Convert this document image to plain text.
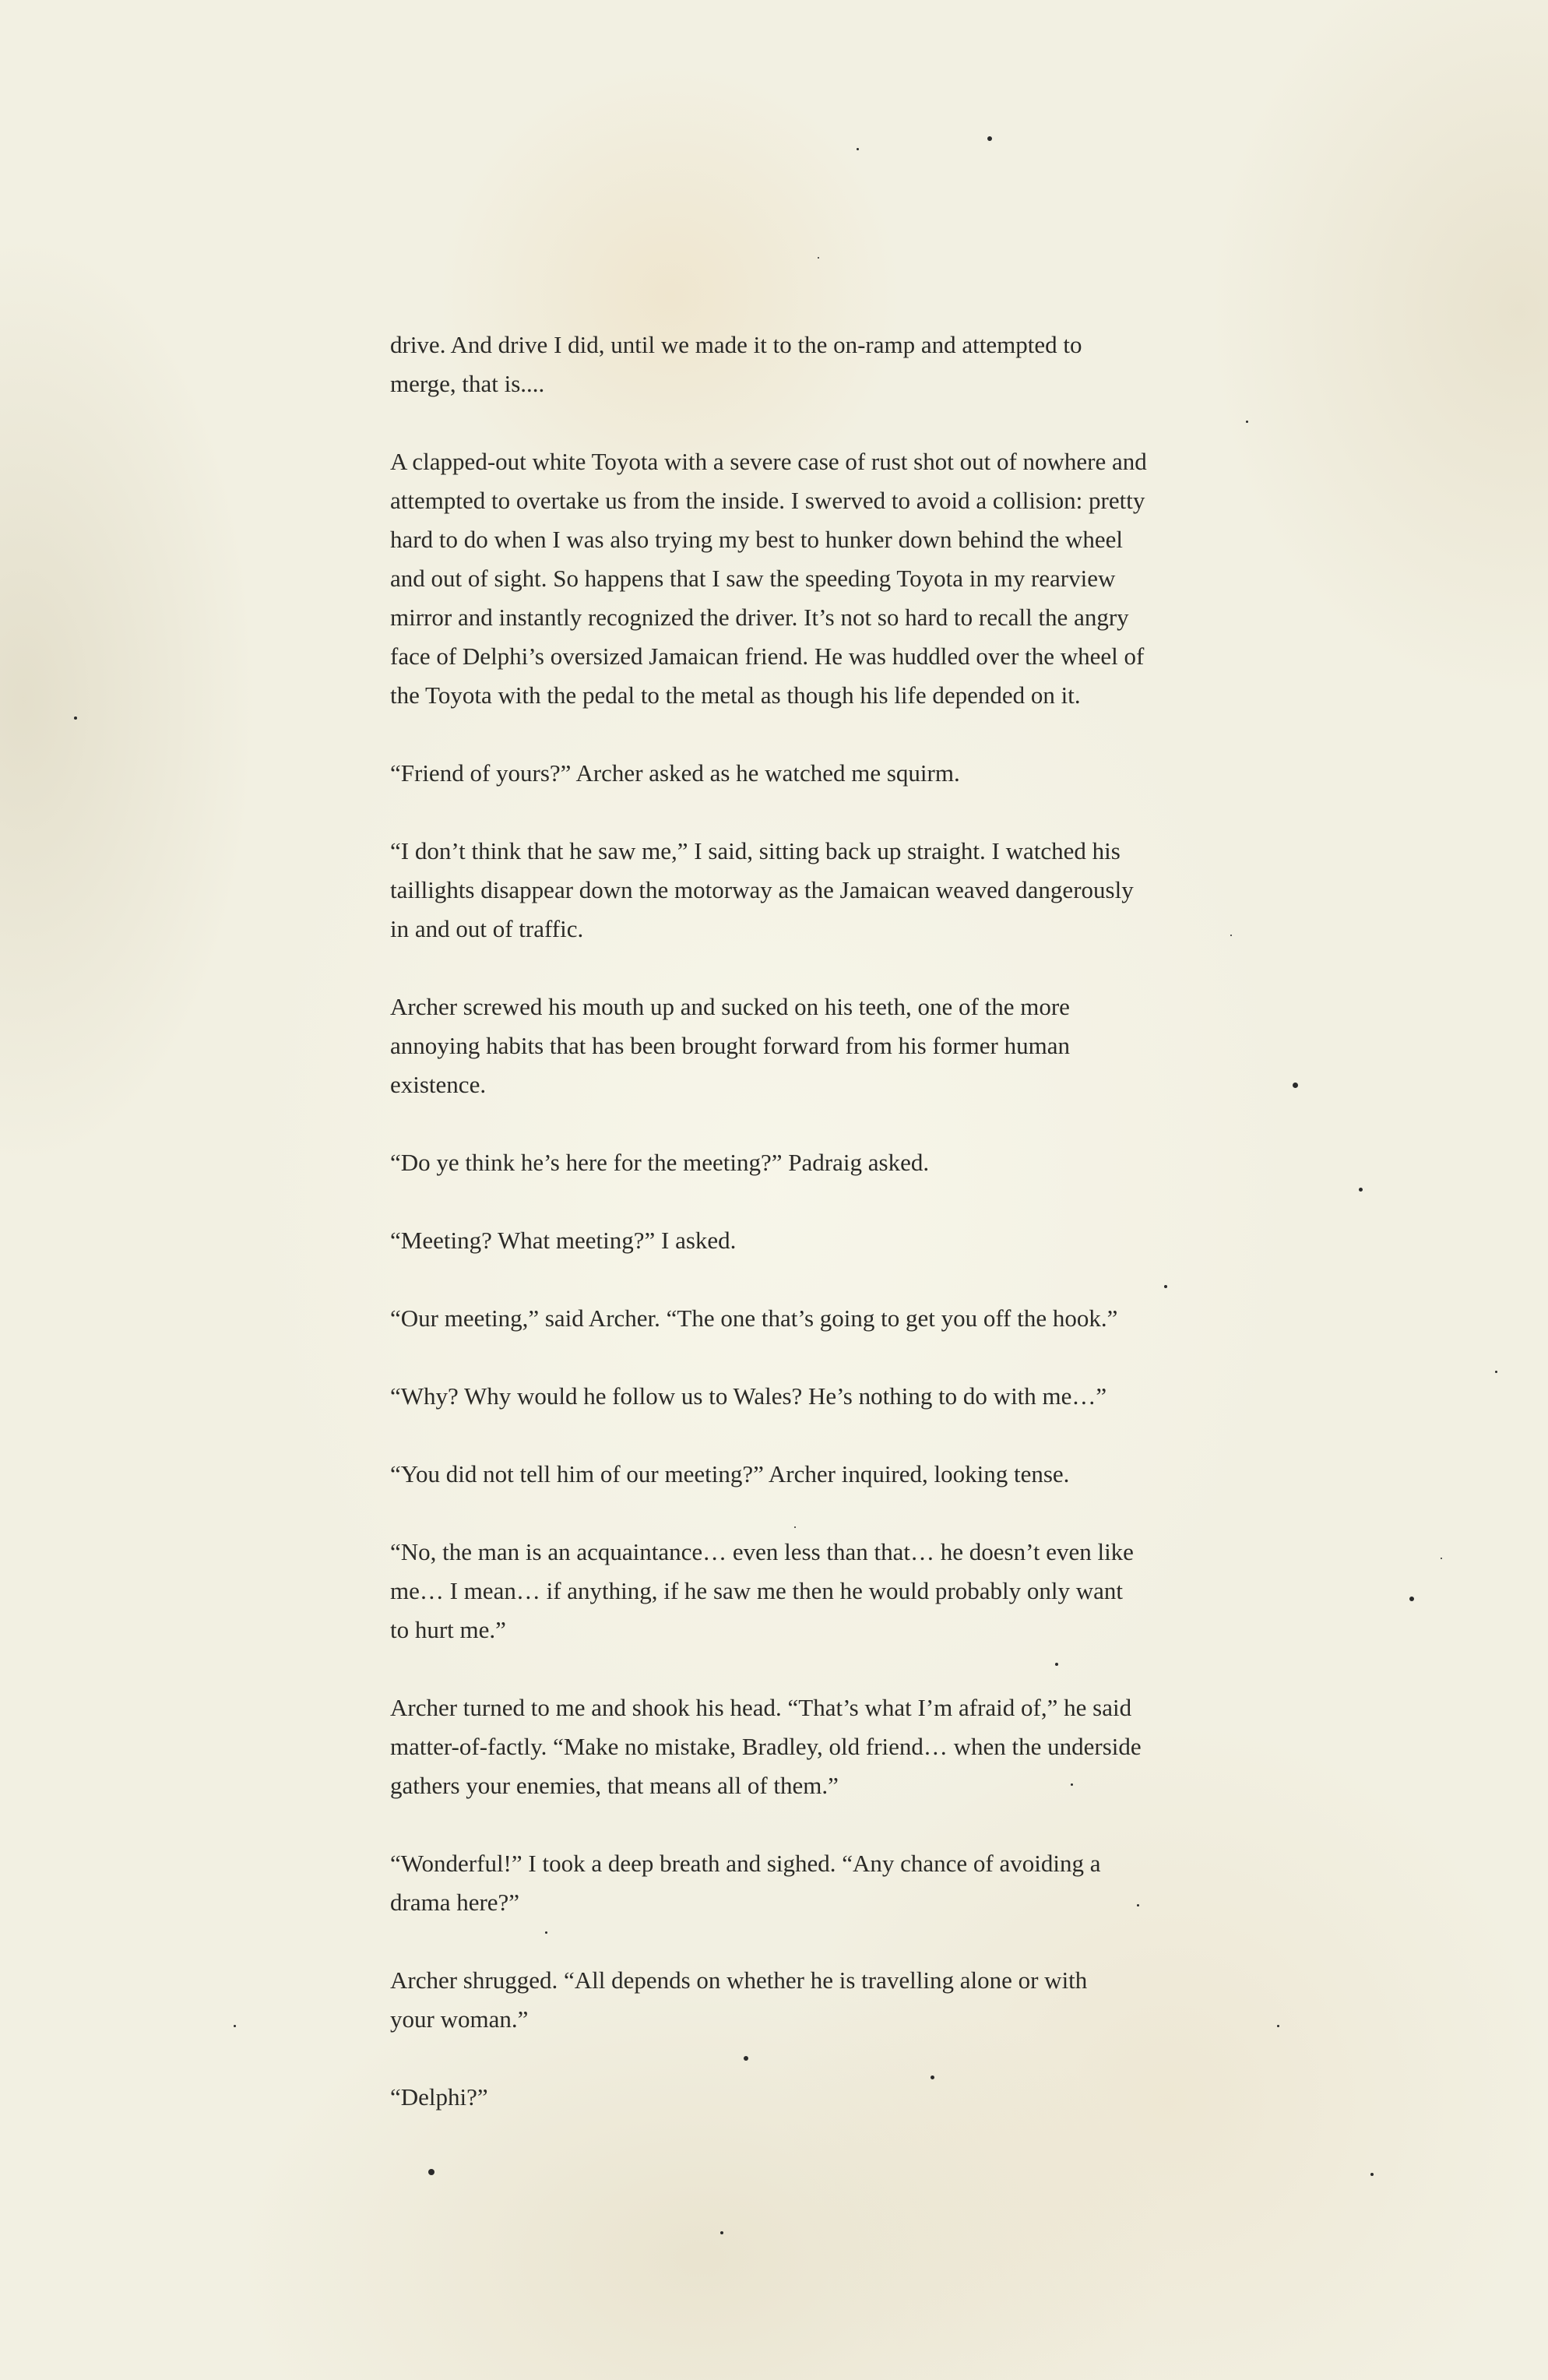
drive. And drive I did, until we made it to the on-ramp and attempted to
merge, that is....

A clapped-out white Toyota with a severe case of rust shot out of nowhere and
attempted to overtake us from the inside. I swerved to avoid a collision: pretty
hard to do when I was also trying my best to hunker down behind the wheel
and out of sight. So happens that I saw the speeding Toyota in my rearview
mirror and instantly recognized the driver. It’s not so hard to recall the angry
face of Delphi’s oversized Jamaican friend. He was huddled over the wheel of
the Toyota with the pedal to the metal as though his life depended on it.

“Friend of yours?” Archer asked as he watched me squirm.

“I don’t think that he saw me,” I said, sitting back up straight. I watched his
taillights disappear down the motorway as the Jamaican weaved dangerously
in and out of traffic.

Archer screwed his mouth up and sucked on his teeth, one of the more
annoying habits that has been brought forward from his former human
existence.

“Do ye think he’s here for the meeting?” Padraig asked.

“Meeting? What meeting?” I asked.

“Our meeting,” said Archer. “The one that’s going to get you off the hook.”

“Why? Why would he follow us to Wales? He’s nothing to do with me…”

“You did not tell him of our meeting?” Archer inquired, looking tense.

“No, the man is an acquaintance… even less than that… he doesn’t even like
me… I mean… if anything, if he saw me then he would probably only want
to hurt me.”

Archer turned to me and shook his head. “That’s what I’m afraid of,” he said
matter-of-factly. “Make no mistake, Bradley, old friend… when the underside
gathers your enemies, that means all of them.”

“Wonderful!” I took a deep breath and sighed. “Any chance of avoiding a
drama here?”

Archer shrugged. “All depends on whether he is travelling alone or with
your woman.”

“Delphi?”
